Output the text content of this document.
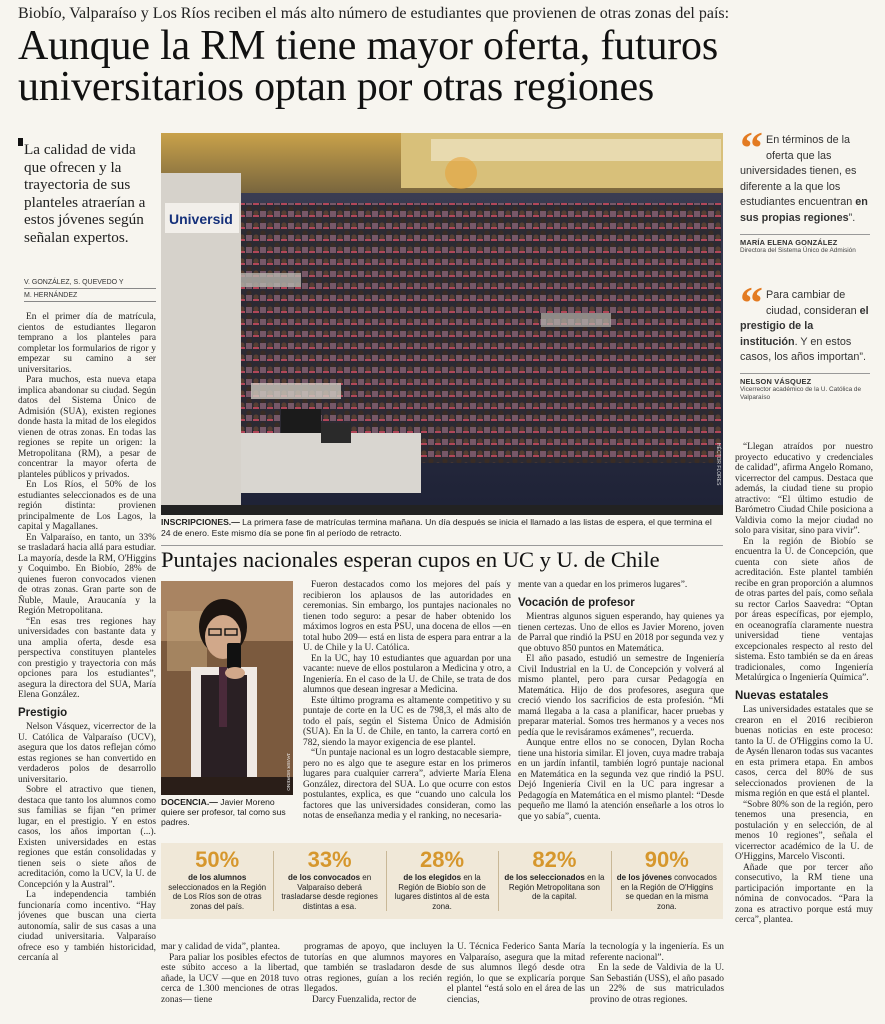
Biobío, Valparaíso y Los Ríos reciben el más alto número de estudiantes que provienen de otras zonas del país:
Aunque la RM tiene mayor oferta, futuros
universitarios optan por otras regiones
La calidad de vida que ofrecen y la trayectoria de sus planteles atraerían a estos jóvenes según señalan expertos.
V. GONZÁLEZ, S. QUEVEDO Y M. HERNÁNDEZ

En el primer día de matrícula, cientos de estudiantes llegaron temprano a los planteles para completar los formularios de rigor y empezar su camino a ser universitarios.

Para muchos, esta nueva etapa implica abandonar su ciudad. Según datos del Sistema Único de Admisión (SUA), existen regiones donde hasta la mitad de los elegidos vienen de otras zonas. En todas las regiones se repite un origen: la Metropolitana (RM), a pesar de concentrar la mayor oferta de planteles públicos y privados.

En Los Ríos, el 50% de los estudiantes seleccionados es de una región distinta: provienen principalmente de Los Lagos, la capital y Magallanes.

En Valparaíso, en tanto, un 33% se trasladará hacia allá para estudiar. La mayoría, desde la RM, O'Higgins y Coquimbo. En Biobío, 28% de quienes fueron convocados vienen de otras zonas. Gran parte son de Ñuble, Maule, Araucanía y la Región Metropolitana.

“En esas tres regiones hay universidades con bastante data y una amplia oferta, desde esa perspectiva constituyen planteles con prestigio y trayectoria con más opciones para los estudiantes”, asegura la directora del SUA, María Elena González.

Prestigio

Nelson Vásquez, vicerrector de la U. Católica de Valparaíso (UCV), asegura que los datos reflejan cómo estas regiones se han convertido en verdaderos polos de desarrollo universitario.

Sobre el atractivo que tienen, destaca que tanto los alumnos como sus familias se fijan “en primer lugar, en el prestigio. Y en estos casos, los años importan (...). Existen universidades en estas regiones que están consolidadas y tienen seis o siete años de acreditación, como la UCV, la U. de Concepción y la Austral”.

La independencia también funcionaría como incentivo. “Hay jóvenes que buscan una cierta autonomía, salir de sus casas a una ciudad universitaria. Valparaíso ofrece eso y también historicidad, cercanía al

Universid
HÉCTOR FLORES
INSCRIPCIONES.— La primera fase de matrículas termina mañana. Un día después se inicia el llamado a las listas de espera, el que termina el 24 de enero. Este mismo día se pone fin al período de retracto.
“ En términos de la oferta que las universidades tienen, es diferente a la que los estudiantes encuentran en sus propias regiones”.
MARÍA ELENA GONZÁLEZ
Directora del Sistema Único de Admisión
“ Para cambiar de ciudad, consideran el prestigio de la institución. Y en estos casos, los años importan”.
NELSON VÁSQUEZ
Vicerrector académico de la U. Católica de Valparaíso

“Llegan atraídos por nuestro proyecto educativo y credenciales de calidad”, afirma Angelo Romano, vicerrector del campus. Destaca que además, la ciudad tiene su propio atractivo: “El último estudio de Barómetro Ciudad Chile posiciona a Valdivia como la mejor ciudad no solo para visitar, sino para vivir”.

En la región de Biobío se encuentra la U. de Concepción, que cuenta con siete años de acreditación. Este plantel también recibe en gran proporción a alumnos de otras partes del país, como señala su rector Carlos Saavedra: “Optan por áreas específicas, por ejemplo, en oceanografía claramente nuestra universidad tiene ventajas excepcionales respecto al resto del sistema. Esto también se da en áreas tradicionales, como Ingeniería Metalúrgica o Ingeniería Química”.

Nuevas estatales

Las universidades estatales que se crearon en el 2016 recibieron buenas noticias en este proceso: tanto la U. de O'Higgins como la U. de Aysén llenaron todas sus vacantes en esta primera etapa. En ambos casos, cerca del 80% de sus seleccionados provienen de la misma región en que está el plantel.

“Sobre 80% son de la región, pero tenemos una presencia, en postulación y en selección, de al menos 10 regiones”, señala el vicerrector académico de la U. de O'Higgins, Marcelo Visconti.

Añade que por tercer año consecutivo, la RM tiene una participación importante en la nómina de convocados. “Para la zona es atractivo porque está muy cerca”, plantea.

Puntajes nacionales esperan cupos en UC y U. de Chile
JAVIER MORENO
DOCENCIA.— Javier Moreno quiere ser profesor, tal como sus padres.

Fueron destacados como los mejores del país y recibieron los aplausos de las autoridades en ceremonias. Sin embargo, los puntajes nacionales no tienen todo seguro: a pesar de haber obtenido los máximos logros en esta PSU, una docena de ellos —en total hubo 209— está en lista de espera para entrar a la U. de Chile y la U. Católica.

En la UC, hay 10 estudiantes que aguardan por una vacante: nueve de ellos postularon a Medicina y otro, a Ingeniería. En el caso de la U. de Chile, se trata de dos alumnos que desean ingresar a Medicina.

Este último programa es altamente competitivo y su puntaje de corte en la UC es de 798,3, el más alto de todo el país, según el Sistema Único de Admisión (SUA). En la U. de Chile, en tanto, la carrera cortó en 782, siendo la mayor exigencia de ese plantel.

“Un puntaje nacional es un logro destacable siempre, pero no es algo que te asegure estar en los primeros lugares para cualquier carrera”, advierte María Elena González, directora del SUA. Lo que ocurre con estos postulantes, explica, es que “cuando uno calcula los factores que las universidades consideran, como las notas de enseñanza media y el ranking, no necesaria-

mente van a quedar en los primeros lugares”.

Vocación de profesor

Mientras algunos siguen esperando, hay quienes ya tienen certezas. Uno de ellos es Javier Moreno, joven de Parral que rindió la PSU en 2018 por segunda vez y que obtuvo 850 puntos en Matemática.

El año pasado, estudió un semestre de Ingeniería Civil Industrial en la U. de Concepción y volverá al mismo plantel, pero para cursar Pedagogía en Matemática. Hijo de dos profesores, asegura que creció viendo los sacrificios de esta profesión. “Mi mamá llegaba a la casa a planificar, hacer pruebas y preparar material. Somos tres hermanos y a veces nos pedía que le revisáramos exámenes”, recuerda.

Aunque entre ellos no se conocen, Dylan Rocha tiene una historia similar. El joven, cuya madre trabaja en un jardín infantil, también logró puntaje nacional en Matemática en la segunda vez que rindió la PSU. Dejó Ingeniería Civil en la UC para ingresar a Pedagogía en Matemática en el mismo plantel: “Desde pequeño me llamó la atención enseñarle a los otros lo que yo sabía”, cuenta.

50%
de los alumnos seleccionados en la Región de Los Ríos son de otras zonas del país.
33%
de los convocados en Valparaíso deberá trasladarse desde regiones distintas a esa.
28%
de los elegidos en la Región de Biobío son de lugares distintos al de esta zona.
82%
de los seleccionados en la Región Metropolitana son de la capital.
90%
de los jóvenes convocados en la Región de O'Higgins se quedan en la misma zona.

mar y calidad de vida”, plantea.

Para paliar los posibles efectos de este súbito acceso a la libertad, añade, la UCV —que en 2018 tuvo cerca de 1.300 menciones de otras zonas— tiene

programas de apoyo, que incluyen tutorías en que alumnos mayores que también se trasladaron desde otras regiones, guían a los recién llegados.

Darcy Fuenzalida, rector de

la U. Técnica Federico Santa María en Valparaíso, asegura que la mitad de sus alumnos llegó desde otra región, lo que se explicaría porque el plantel “está solo en el área de las ciencias,

la tecnología y la ingeniería. Es un referente nacional”.

En la sede de Valdivia de la U. San Sebastián (USS), el año pasado un 22% de sus matriculados provino de otras regiones.
